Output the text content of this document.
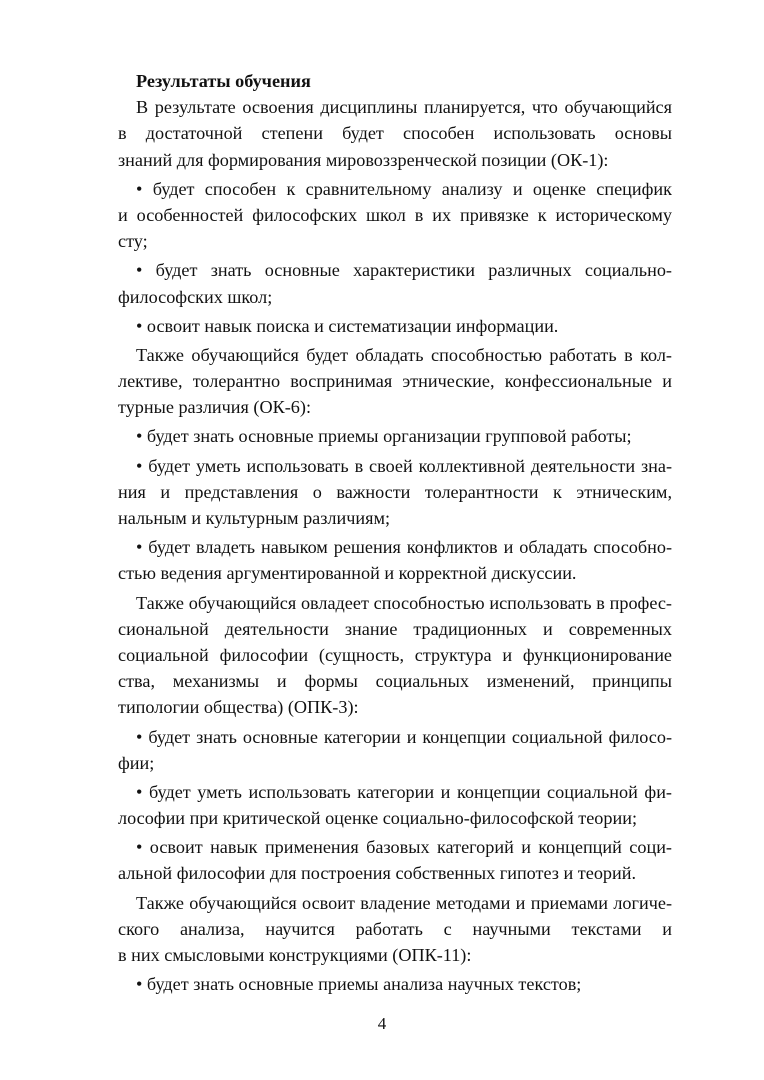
Результаты обучения
В результате освоения дисциплины планируется, что обучающийся
в достаточной степени будет способен использовать основы
знаний для формирования мировоззренческой позиции (ОК-1):
• будет способен к сравнительному анализу и оценке специфик
и особенностей философских школ в их привязке к историческому
сту;
• будет знать основные характеристики различных социально-
философских школ;
• освоит навык поиска и систематизации информации.
Также обучающийся будет обладать способностью работать в кол-
лективе, толерантно воспринимая этнические, конфессиональные и
турные различия (ОК-6):
• будет знать основные приемы организации групповой работы;
• будет уметь использовать в своей коллективной деятельности зна-
ния и представления о важности толерантности к этническим,
нальным и культурным различиям;
• будет владеть навыком решения конфликтов и обладать способно-
стью ведения аргументированной и корректной дискуссии.
Также обучающийся овладеет способностью использовать в профес-
сиональной деятельности знание традиционных и современных
социальной философии (сущность, структура и функционирование
ства, механизмы и формы социальных изменений, принципы
типологии общества) (ОПК-3):
• будет знать основные категории и концепции социальной филосо-
фии;
• будет уметь использовать категории и концепции социальной фи-
лософии при критической оценке социально-философской теории;
• освоит навык применения базовых категорий и концепций соци-
альной философии для построения собственных гипотез и теорий.
Также обучающийся освоит владение методами и приемами логиче-
ского анализа, научится работать с научными текстами и
в них смысловыми конструкциями (ОПК-11):
• будет знать основные приемы анализа научных текстов;
4
